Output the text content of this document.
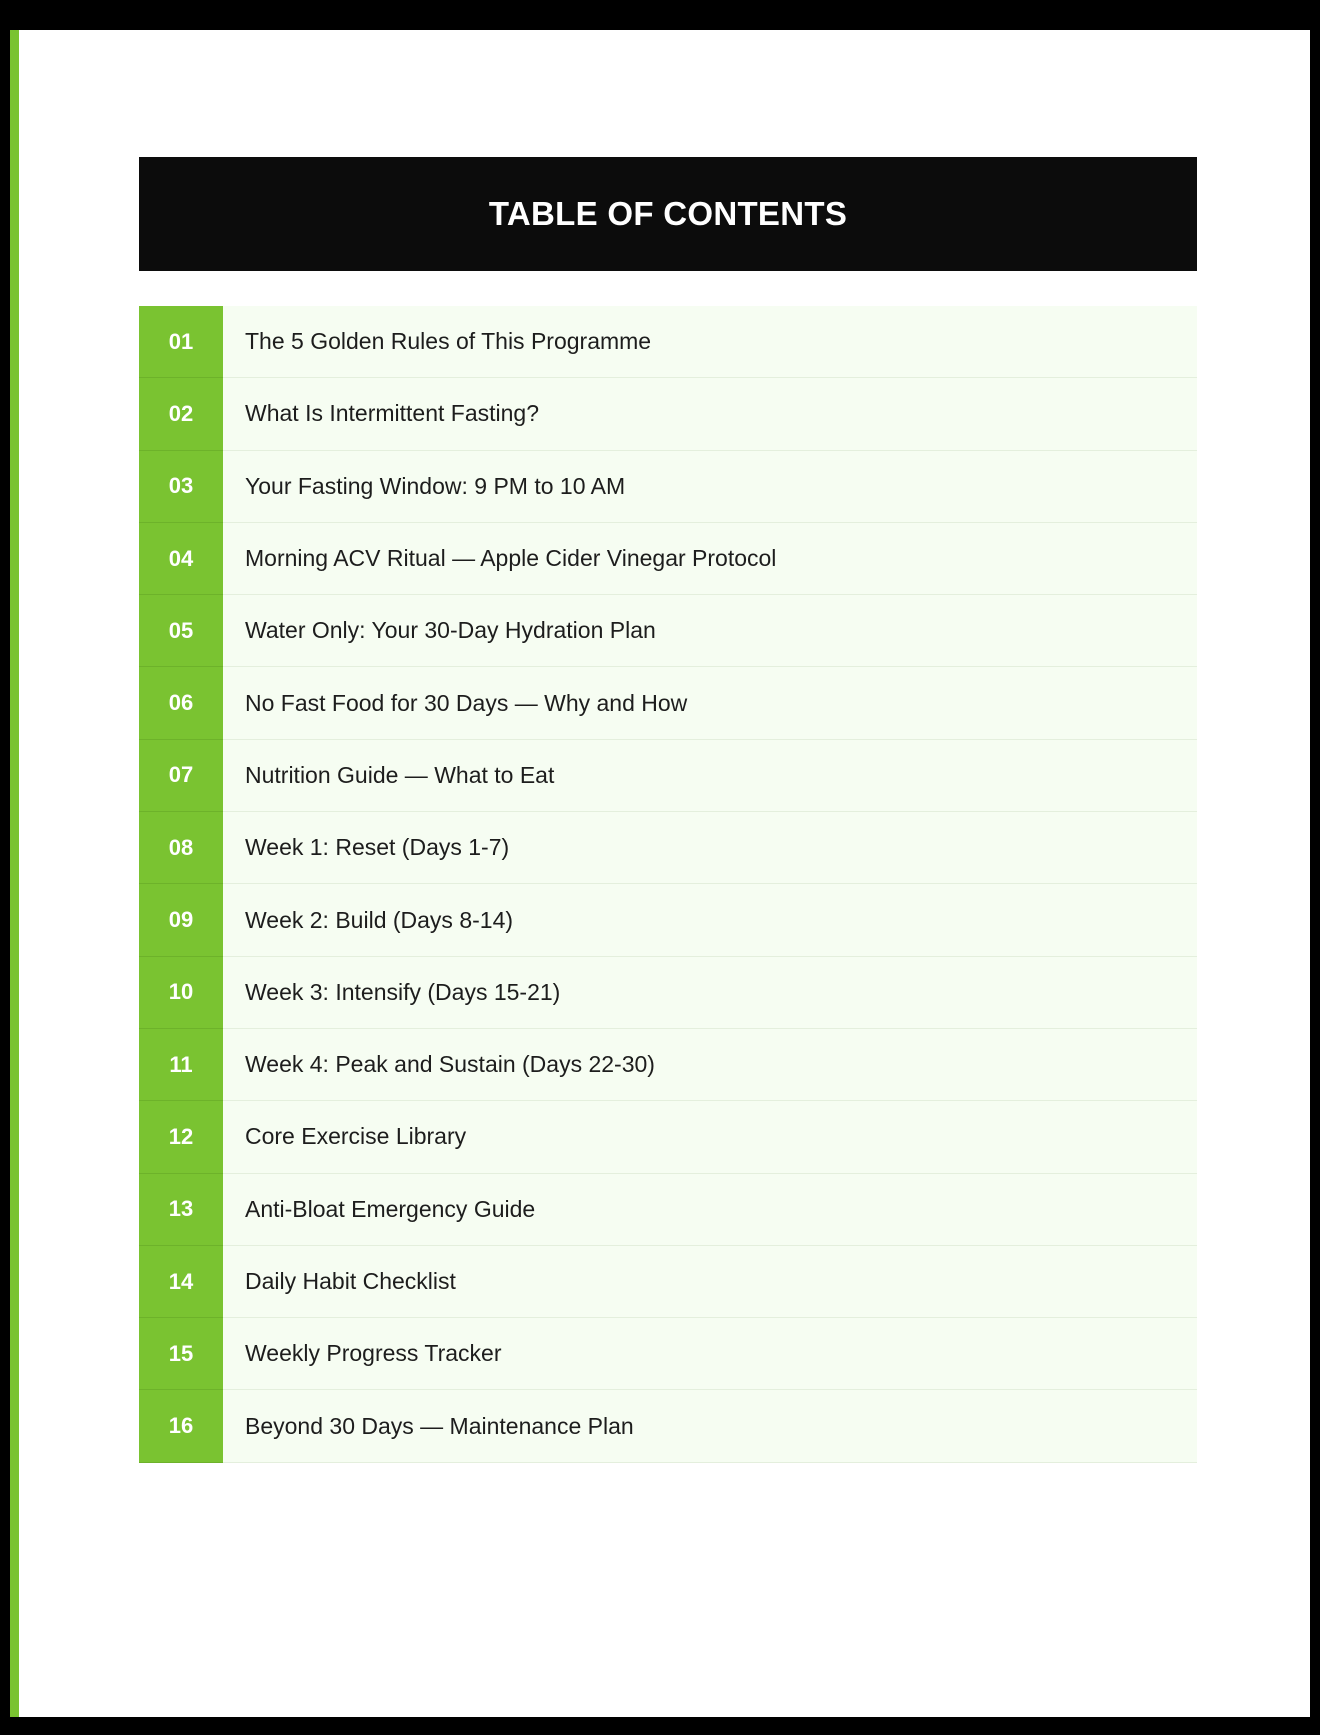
TABLE OF CONTENTS
01	The 5 Golden Rules of This Programme
02	What Is Intermittent Fasting?
03	Your Fasting Window: 9 PM to 10 AM
04	Morning ACV Ritual — Apple Cider Vinegar Protocol
05	Water Only: Your 30-Day Hydration Plan
06	No Fast Food for 30 Days — Why and How
07	Nutrition Guide — What to Eat
08	Week 1: Reset (Days 1-7)
09	Week 2: Build (Days 8-14)
10	Week 3: Intensify (Days 15-21)
11	Week 4: Peak and Sustain (Days 22-30)
12	Core Exercise Library
13	Anti-Bloat Emergency Guide
14	Daily Habit Checklist
15	Weekly Progress Tracker
16	Beyond 30 Days — Maintenance Plan
